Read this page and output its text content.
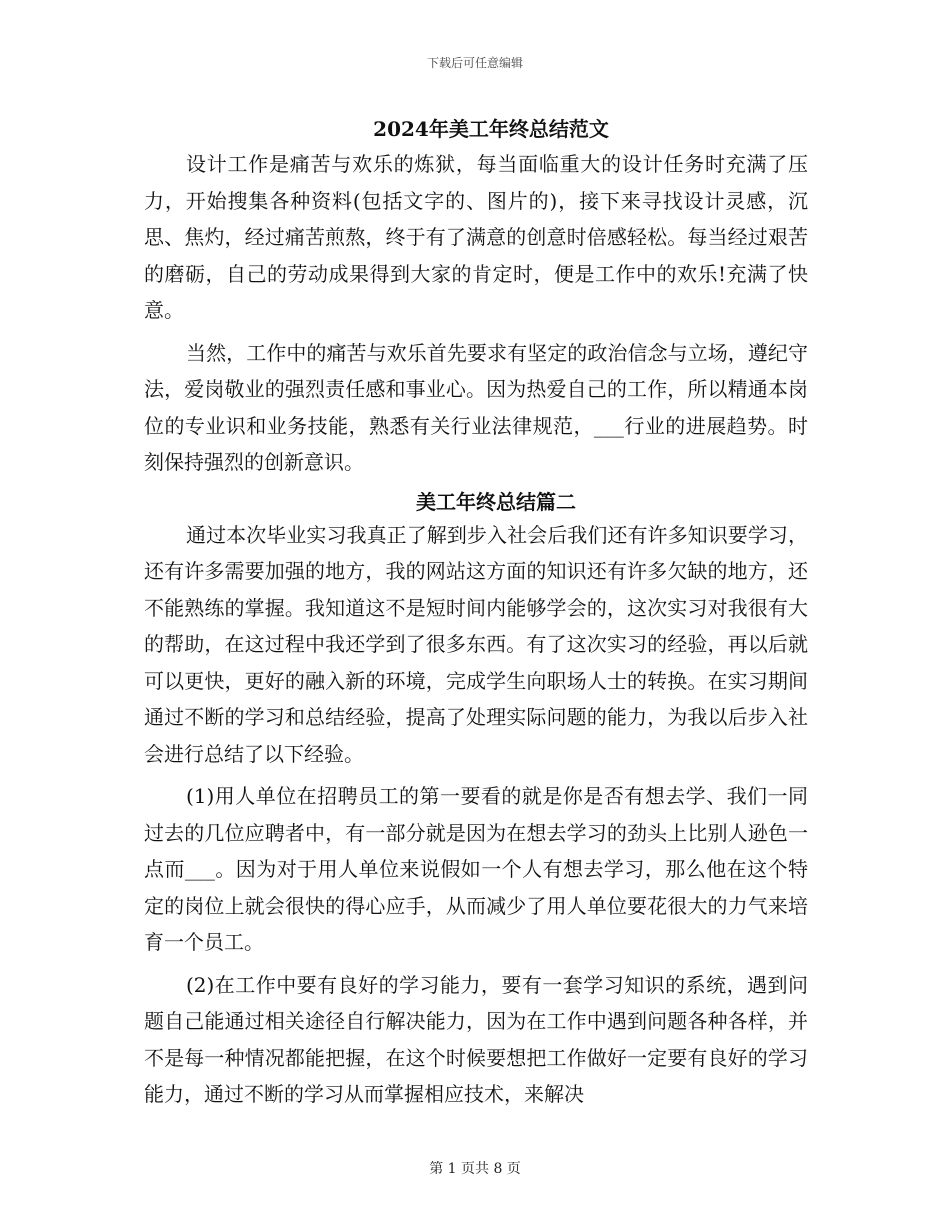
下载后可任意编辑
2024年美工年终总结范文

设计工作是痛苦与欢乐的炼狱，每当面临重大的设计任务时充满了压力，开始搜集各种资料(包括文字的、图片的)，接下来寻找设计灵感，沉思、焦灼，经过痛苦煎熬，终于有了满意的创意时倍感轻松。每当经过艰苦的磨砺，自己的劳动成果得到大家的肯定时，便是工作中的欢乐!充满了快意。

当然，工作中的痛苦与欢乐首先要求有坚定的政治信念与立场，遵纪守法，爱岗敬业的强烈责任感和事业心。因为热爱自己的工作，所以精通本岗位的专业识和业务技能，熟悉有关行业法律规范，___行业的进展趋势。时刻保持强烈的创新意识。

美工年终总结篇二

通过本次毕业实习我真正了解到步入社会后我们还有许多知识要学习，还有许多需要加强的地方，我的网站这方面的知识还有许多欠缺的地方，还不能熟练的掌握。我知道这不是短时间内能够学会的，这次实习对我很有大的帮助，在这过程中我还学到了很多东西。有了这次实习的经验，再以后就可以更快，更好的融入新的环境，完成学生向职场人士的转换。在实习期间通过不断的学习和总结经验，提高了处理实际问题的能力，为我以后步入社会进行总结了以下经验。

(1)用人单位在招聘员工的第一要看的就是你是否有想去学、我们一同过去的几位应聘者中，有一部分就是因为在想去学习的劲头上比别人逊色一点而___。因为对于用人单位来说假如一个人有想去学习，那么他在这个特定的岗位上就会很快的得心应手，从而减少了用人单位要花很大的力气来培育一个员工。

(2)在工作中要有良好的学习能力，要有一套学习知识的系统，遇到问题自己能通过相关途径自行解决能力，因为在工作中遇到问题各种各样，并不是每一种情况都能把握，在这个时候要想把工作做好一定要有良好的学习能力，通过不断的学习从而掌握相应技术，来解决

第 1 页共 8 页
